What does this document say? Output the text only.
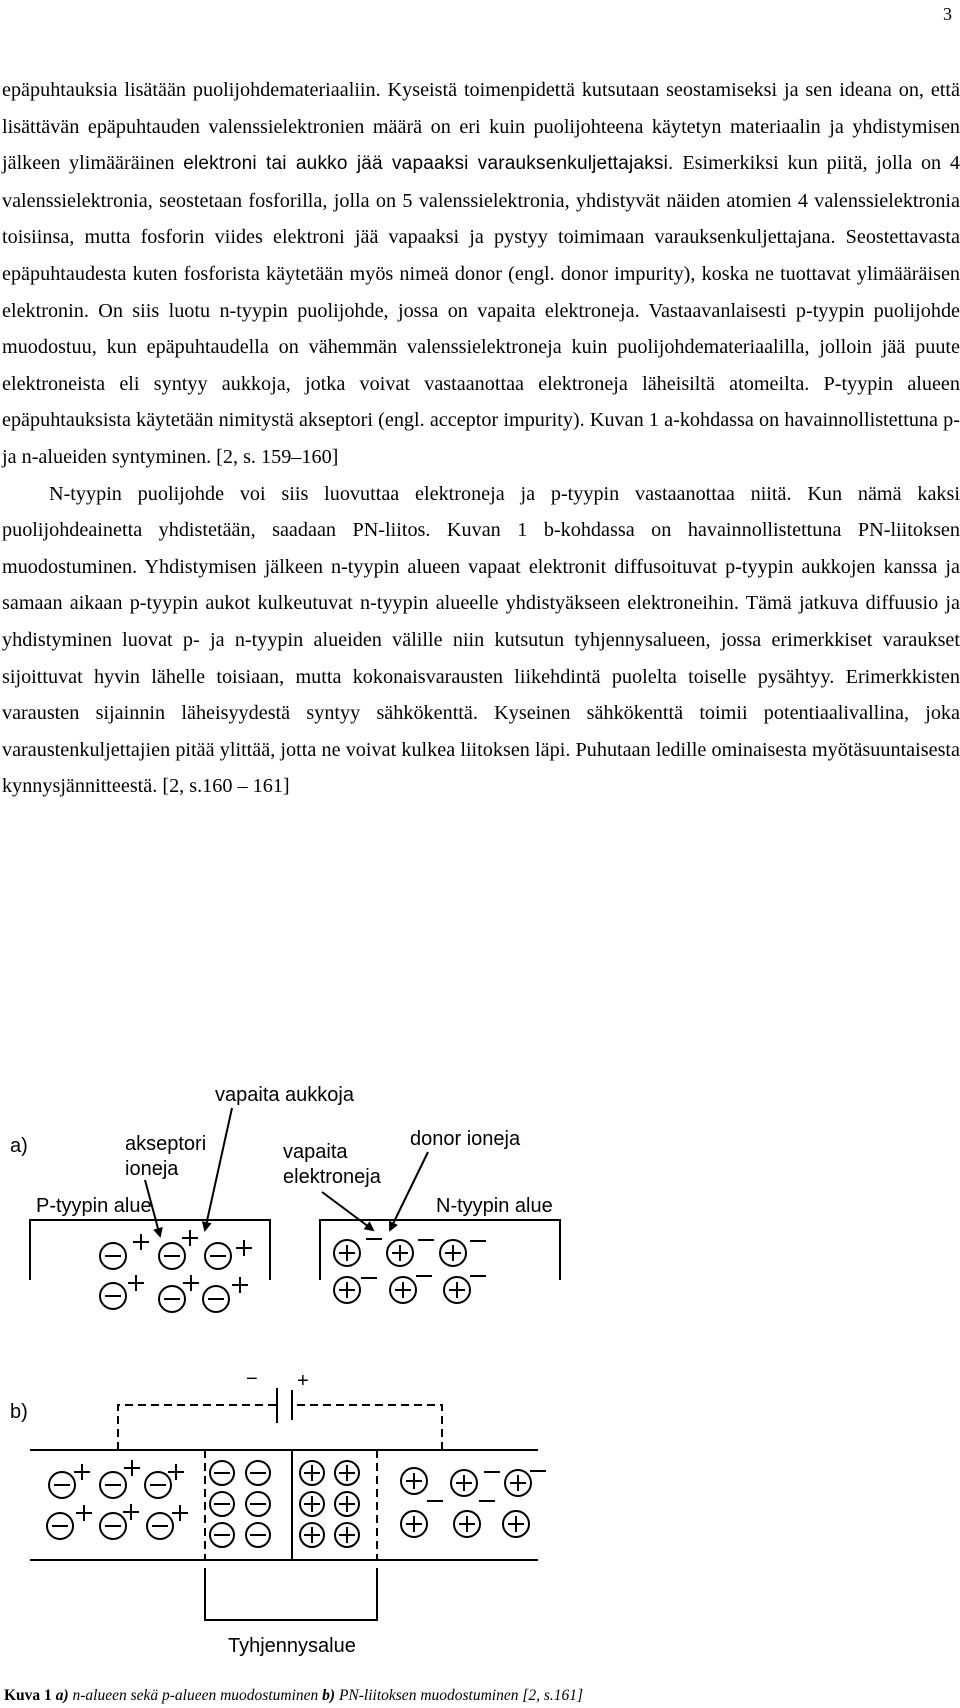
3

epäpuhtauksia lisätään puolijohdemateriaaliin. Kyseistä toimenpidettä kutsutaan seostamiseksi ja sen ideana on, että lisättävän epäpuhtauden valenssielektronien määrä on eri kuin puolijohteena käytetyn materiaalin ja yhdistymisen jälkeen ylimääräinen elektroni tai aukko jää vapaaksi varauksenkuljettajaksi. Esimerkiksi kun piitä, jolla on 4 valenssielektronia, seostetaan fosforilla, jolla on 5 valenssielektronia, yhdistyvät näiden atomien 4 valenssielektronia toisiinsa, mutta fosforin viides elektroni jää vapaaksi ja pystyy toimimaan varauksenkuljettajana. Seostettavasta epäpuhtaudesta kuten fosforista käytetään myös nimeä donor (engl. donor impurity), koska ne tuottavat ylimääräisen elektronin. On siis luotu n-tyypin puolijohde, jossa on vapaita elektroneja. Vastaavanlaisesti p-tyypin puolijohde muodostuu, kun epäpuhtaudella on vähemmän valenssielektroneja kuin puolijohdemateriaalilla, jolloin jää puute elektroneista eli syntyy aukkoja, jotka voivat vastaanottaa elektroneja läheisiltä atomeilta. P-tyypin alueen epäpuhtauksista käytetään nimitystä akseptori (engl. acceptor impurity). Kuvan 1 a-kohdassa on havainnollistettuna p- ja n-alueiden syntyminen. [2, s. 159–160]

N-tyypin puolijohde voi siis luovuttaa elektroneja ja p-tyypin vastaanottaa niitä. Kun nämä kaksi puolijohdeainetta yhdistetään, saadaan PN-liitos. Kuvan 1 b-kohdassa on havainnollistettuna PN-liitoksen muodostuminen. Yhdistymisen jälkeen n-tyypin alueen vapaat elektronit diffusoituvat p-tyypin aukkojen kanssa ja samaan aikaan p-tyypin aukot kulkeutuvat n-tyypin alueelle yhdistyäkseen elektroneihin. Tämä jatkuva diffuusio ja yhdistyminen luovat p- ja n-tyypin alueiden välille niin kutsutun tyhjennysalueen, jossa erimerkkiset varaukset sijoittuvat hyvin lähelle toisiaan, mutta kokonaisvarausten liikehdintä puolelta toiselle pysähtyy. Erimerkkisten varausten sijainnin läheisyydestä syntyy sähkökenttä. Kyseinen sähkökenttä toimii potentiaalivallina, joka varaustenkuljettajien pitää ylittää, jotta ne voivat kulkea liitoksen läpi. Puhutaan ledille ominaisesta myötäsuuntaisesta kynnysjännitteestä. [2, s.160 – 161]

a)
vapaita aukkoja
akseptori
ioneja
vapaita
elektroneja
donor ioneja
P-tyypin alue	N-tyypin alue
b)
− +
Tyhjennysalue
Kuva 1 a) n-alueen sekä p-alueen muodostuminen b) PN-liitoksen muodostuminen [2, s.161]
